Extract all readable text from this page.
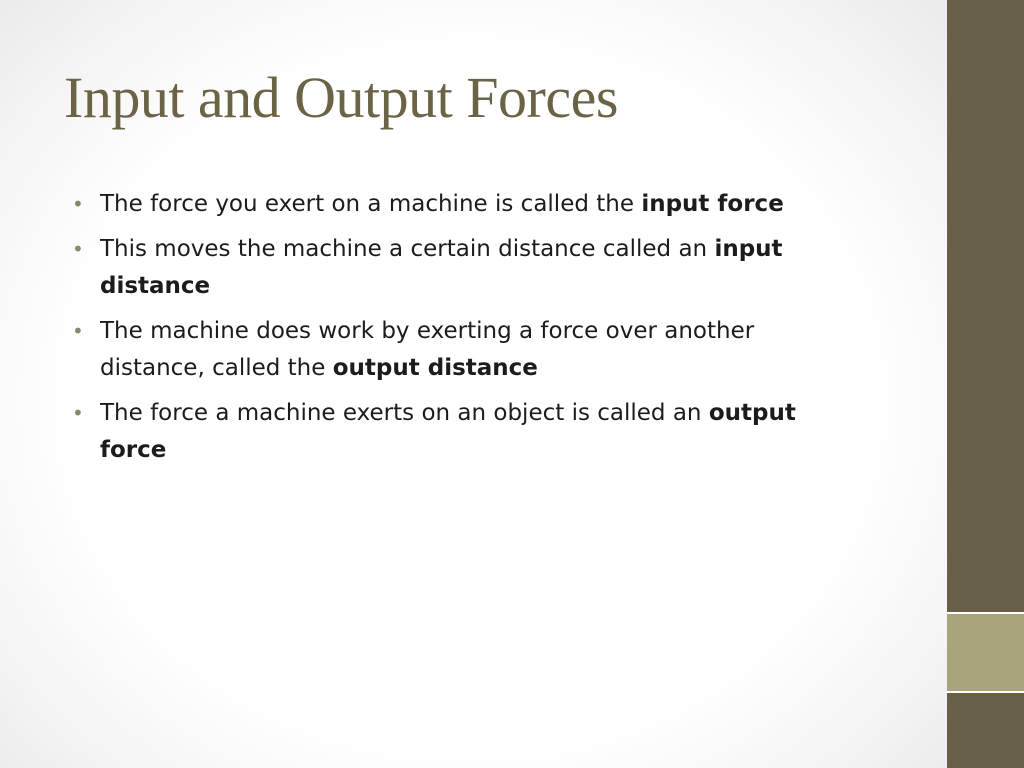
Input and Output Forces
• The force you exert on a machine is called the input force
• This moves the machine a certain distance called an input distance
• The machine does work by exerting a force over another distance, called the output distance
• The force a machine exerts on an object is called an output force
